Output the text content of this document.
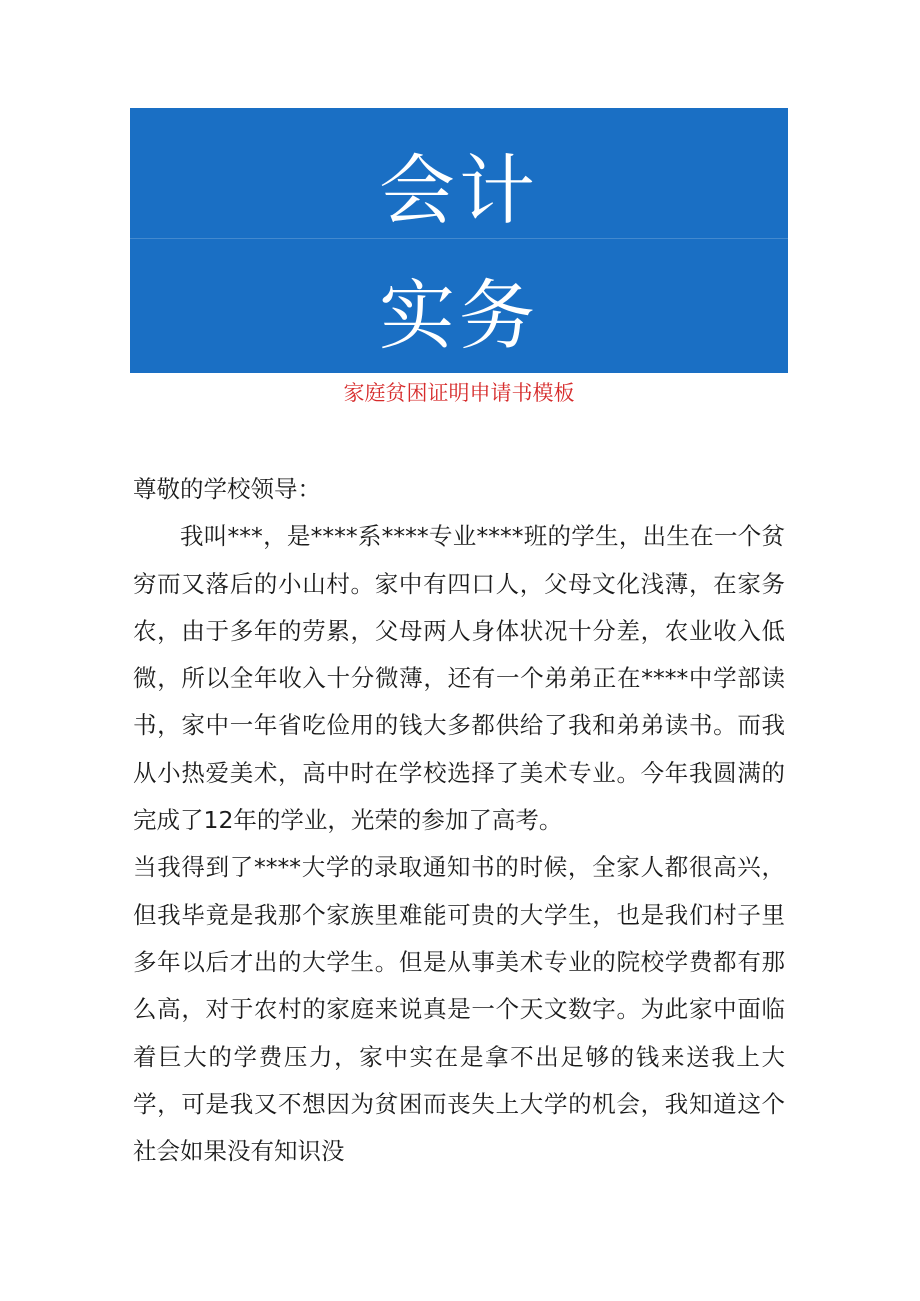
会计
实务
家庭贫困证明申请书模板

尊敬的学校领导：

我叫***，是****系****专业****班的学生，出生在一个贫穷而又落后的小山村。家中有四口人，父母文化浅薄，在家务农，由于多年的劳累，父母两人身体状况十分差，农业收入低微，所以全年收入十分微薄，还有一个弟弟正在****中学部读书，家中一年省吃俭用的钱大多都供给了我和弟弟读书。而我从小热爱美术，高中时在学校选择了美术专业。今年我圆满的完成了12年的学业，光荣的参加了高考。

当我得到了****大学的录取通知书的时候，全家人都很高兴，但我毕竟是我那个家族里难能可贵的大学生，也是我们村子里多年以后才出的大学生。但是从事美术专业的院校学费都有那么高，对于农村的家庭来说真是一个天文数字。为此家中面临着巨大的学费压力，家中实在是拿不出足够的钱来送我上大学，可是我又不想因为贫困而丧失上大学的机会，我知道这个社会如果没有知识没
